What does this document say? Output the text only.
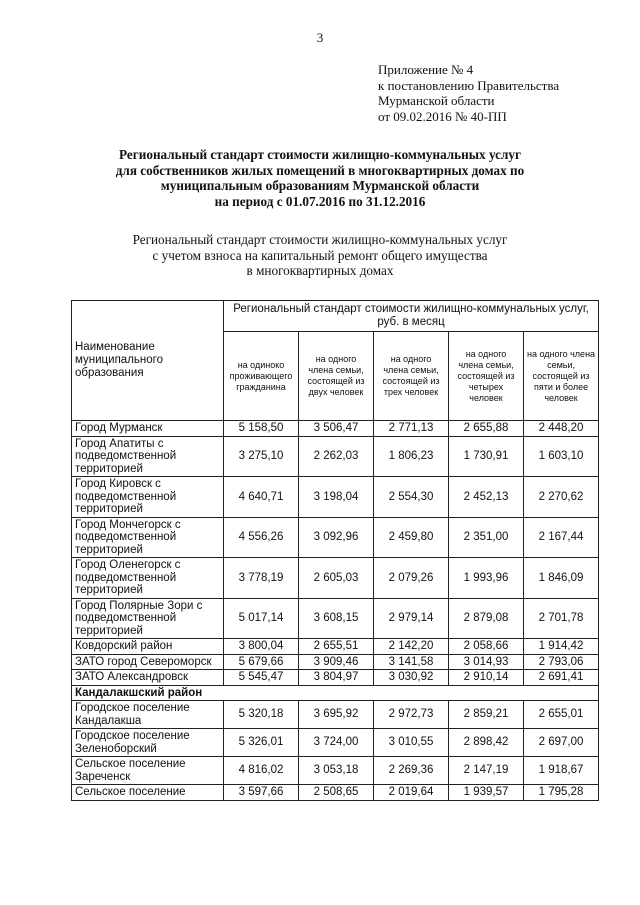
3
Приложение № 4
к постановлению Правительства
Мурманской области
от 09.02.2016 № 40-ПП
Региональный стандарт стоимости жилищно-коммунальных услуг
для собственников жилых помещений в многоквартирных домах по
муниципальным образованиям Мурманской области
на период с 01.07.2016 по 31.12.2016
Региональный стандарт стоимости жилищно-коммунальных услуг
с учетом взноса на капитальный ремонт общего имущества
в многоквартирных домах
Наименование муниципального образования	Региональный стандарт стоимости жилищно-коммунальных услуг, руб. в месяц				
	на одиноко проживающего гражданина	на одного члена семьи, состоящей из двух человек	на одного члена семьи, состоящей из трех человек	на одного члена семьи, состоящей из четырех человек	на одного члена семьи, состоящей из пяти и более человек
Город Мурманск	5 158,50	3 506,47	2 771,13	2 655,88	2 448,20
Город Апатиты с подведомственной территорией	3 275,10	2 262,03	1 806,23	1 730,91	1 603,10
Город Кировск с подведомственной территорией	4 640,71	3 198,04	2 554,30	2 452,13	2 270,62
Город Мончегорск с подведомственной территорией	4 556,26	3 092,96	2 459,80	2 351,00	2 167,44
Город Оленегорск с подведомственной территорией	3 778,19	2 605,03	2 079,26	1 993,96	1 846,09
Город Полярные Зори с подведомственной территорией	5 017,14	3 608,15	2 979,14	2 879,08	2 701,78
Ковдорский район	3 800,04	2 655,51	2 142,20	2 058,66	1 914,42
ЗАТО город Североморск	5 679,66	3 909,46	3 141,58	3 014,93	2 793,06
ЗАТО Александровск	5 545,47	3 804,97	3 030,92	2 910,14	2 691,41
Кандалакшский район					
Городское поселение Кандалакша	5 320,18	3 695,92	2 972,73	2 859,21	2 655,01
Городское поселение Зеленоборский	5 326,01	3 724,00	3 010,55	2 898,42	2 697,00
Сельское поселение Зареченск	4 816,02	3 053,18	2 269,36	2 147,19	1 918,67
Сельское поселение	3 597,66	2 508,65	2 019,64	1 939,57	1 795,28
